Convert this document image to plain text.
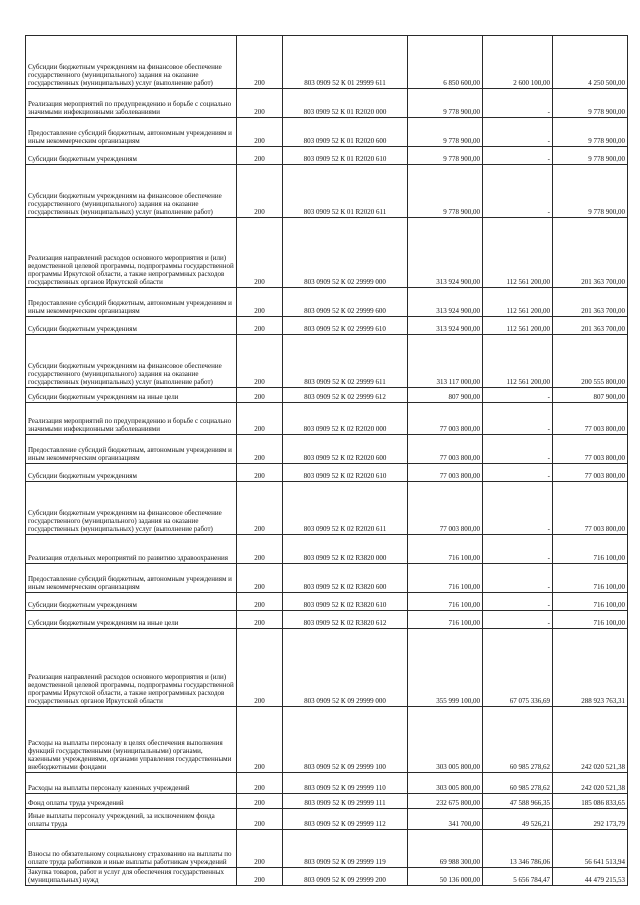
Субсидии бюджетным учреждениям на финансовое обеспечение государственного (муниципального) задания на оказание государственных (муниципальных) услуг (выполнение работ)	200	803 0909 52 К 01 29999 611	6 850 600,00	2 600 100,00	4 250 500,00
Реализация мероприятий по предупреждению и борьбе с социально значимыми инфекционными заболеваниями	200	803 0909 52 К 01 R2020 000	9 778 900,00	-	9 778 900,00
Предоставление субсидий бюджетным, автономным учреждениям и иным некоммерческим организациям	200	803 0909 52 К 01 R2020 600	9 778 900,00	-	9 778 900,00
Субсидии бюджетным учреждениям	200	803 0909 52 К 01 R2020 610	9 778 900,00	-	9 778 900,00
Субсидии бюджетным учреждениям на финансовое обеспечение государственного (муниципального) задания на оказание государственных (муниципальных) услуг (выполнение работ)	200	803 0909 52 К 01 R2020 611	9 778 900,00	-	9 778 900,00
Реализация направлений расходов основного мероприятия и (или) ведомственной целевой программы, подпрограммы государственной программы Иркутской области, а также непрограммных расходов государственных органов Иркутской области	200	803 0909 52 К 02 29999 000	313 924 900,00	112 561 200,00	201 363 700,00
Предоставление субсидий бюджетным, автономным учреждениям и иным некоммерческим организациям	200	803 0909 52 К 02 29999 600	313 924 900,00	112 561 200,00	201 363 700,00
Субсидии бюджетным учреждениям	200	803 0909 52 К 02 29999 610	313 924 900,00	112 561 200,00	201 363 700,00
Субсидии бюджетным учреждениям на финансовое обеспечение государственного (муниципального) задания на оказание государственных (муниципальных) услуг (выполнение работ)	200	803 0909 52 К 02 29999 611	313 117 000,00	112 561 200,00	200 555 800,00
Субсидии бюджетным учреждениям на иные цели	200	803 0909 52 К 02 29999 612	807 900,00	-	807 900,00
Реализация мероприятий по предупреждению и борьбе с социально значимыми инфекционными заболеваниями	200	803 0909 52 К 02 R2020 000	77 003 800,00	-	77 003 800,00
Предоставление субсидий бюджетным, автономным учреждениям и иным некоммерческим организациям	200	803 0909 52 К 02 R2020 600	77 003 800,00	-	77 003 800,00
Субсидии бюджетным учреждениям	200	803 0909 52 К 02 R2020 610	77 003 800,00	-	77 003 800,00
Субсидии бюджетным учреждениям на финансовое обеспечение государственного (муниципального) задания на оказание государственных (муниципальных) услуг (выполнение работ)	200	803 0909 52 К 02 R2020 611	77 003 800,00	-	77 003 800,00
Реализация отдельных мероприятий по развитию здравоохранения	200	803 0909 52 К 02 R3820 000	716 100,00	-	716 100,00
Предоставление субсидий бюджетным, автономным учреждениям и иным некоммерческим организациям	200	803 0909 52 К 02 R3820 600	716 100,00	-	716 100,00
Субсидии бюджетным учреждениям	200	803 0909 52 К 02 R3820 610	716 100,00	-	716 100,00
Субсидии бюджетным учреждениям на иные цели	200	803 0909 52 К 02 R3820 612	716 100,00	-	716 100,00
Реализация направлений расходов основного мероприятия и (или) ведомственной целевой программы, подпрограммы государственной программы Иркутской области, а также непрограммных расходов государственных органов Иркутской области	200	803 0909 52 К 09 29999 000	355 999 100,00	67 075 336,69	288 923 763,31
Расходы на выплаты персоналу в целях обеспечения выполнения функций государственными (муниципальными) органами, казенными учреждениями, органами управления государственными внебюджетными фондами	200	803 0909 52 К 09 29999 100	303 005 800,00	60 985 278,62	242 020 521,38
Расходы на выплаты персоналу казенных учреждений	200	803 0909 52 К 09 29999 110	303 005 800,00	60 985 278,62	242 020 521,38
Фонд оплаты труда учреждений	200	803 0909 52 К 09 29999 111	232 675 800,00	47 588 966,35	185 086 833,65
Иные выплаты персоналу учреждений, за исключением фонда оплаты труда	200	803 0909 52 К 09 29999 112	341 700,00	49 526,21	292 173,79
Взносы по обязательному социальному страхованию на выплаты по оплате труда работников и иные выплаты работникам учреждений	200	803 0909 52 К 09 29999 119	69 988 300,00	13 346 786,06	56 641 513,94
Закупка товаров, работ и услуг для обеспечения государственных (муниципальных) нужд	200	803 0909 52 К 09 29999 200	50 136 000,00	5 656 784,47	44 479 215,53
